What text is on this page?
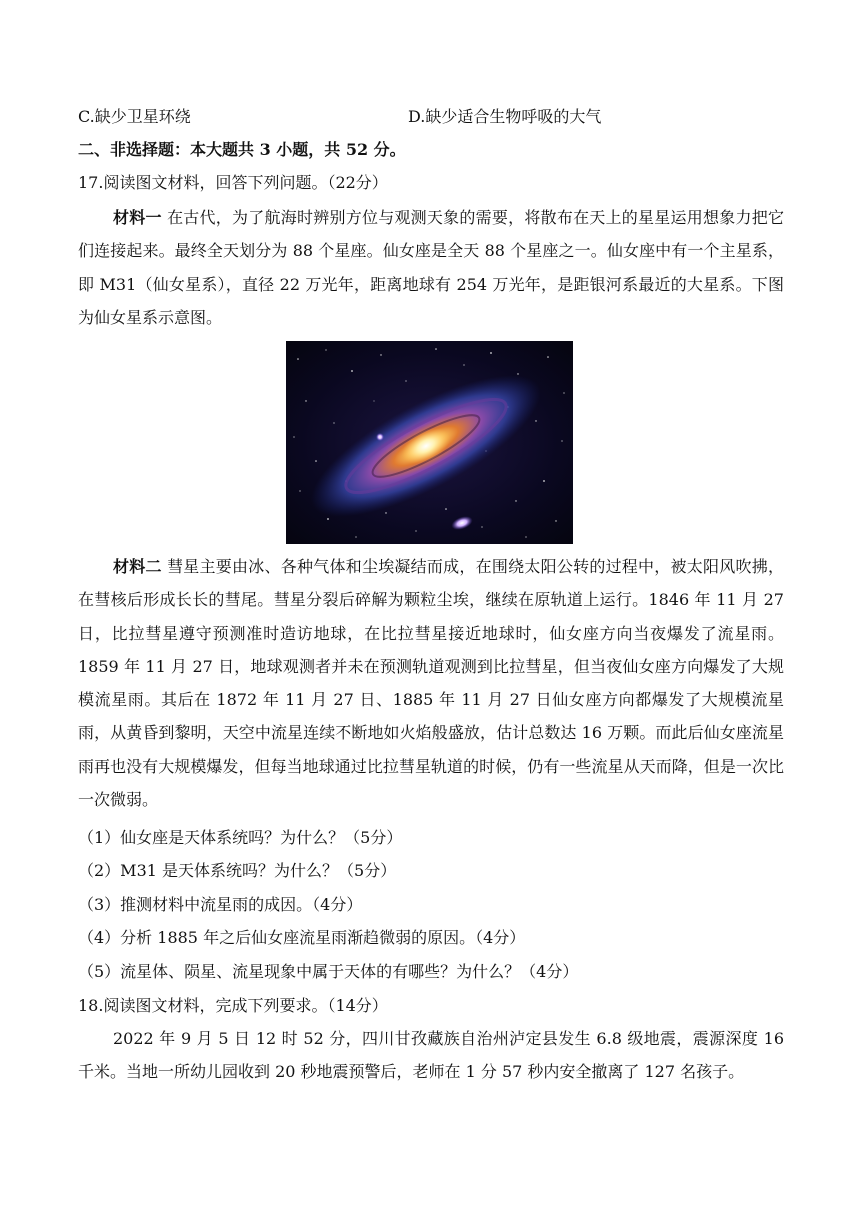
C.缺少卫星环绕	D.缺少适合生物呼吸的大气
二、非选择题：本大题共 3 小题，共 52 分。
17.阅读图文材料，回答下列问题。（22分）
材料一 在古代，为了航海时辨别方位与观测天象的需要，将散布在天上的星星运用想象力把它们连接起来。最终全天划分为 88 个星座。仙女座是全天 88 个星座之一。仙女座中有一个主星系，即 M31（仙女星系），直径 22 万光年，距离地球有 254 万光年，是距银河系最近的大星系。下图为仙女星系示意图。
材料二 彗星主要由冰、各种气体和尘埃凝结而成，在围绕太阳公转的过程中，被太阳风吹拂，在彗核后形成长长的彗尾。彗星分裂后碎解为颗粒尘埃，继续在原轨道上运行。1846 年 11 月 27 日，比拉彗星遵守预测准时造访地球，在比拉彗星接近地球时，仙女座方向当夜爆发了流星雨。1859 年 11 月 27 日，地球观测者并未在预测轨道观测到比拉彗星，但当夜仙女座方向爆发了大规模流星雨。其后在 1872 年 11 月 27 日、1885 年 11 月 27 日仙女座方向都爆发了大规模流星雨，从黄昏到黎明，天空中流星连续不断地如火焰般盛放，估计总数达 16 万颗。而此后仙女座流星雨再也没有大规模爆发，但每当地球通过比拉彗星轨道的时候，仍有一些流星从天而降，但是一次比一次微弱。
（1）仙女座是天体系统吗？为什么？（5分）
（2）M31 是天体系统吗？为什么？（5分）
（3）推测材料中流星雨的成因。（4分）
（4）分析 1885 年之后仙女座流星雨渐趋微弱的原因。（4分）
（5）流星体、陨星、流星现象中属于天体的有哪些？为什么？（4分）
18.阅读图文材料，完成下列要求。（14分）
2022 年 9 月 5 日 12 时 52 分，四川甘孜藏族自治州泸定县发生 6.8 级地震，震源深度 16 千米。当地一所幼儿园收到 20 秒地震预警后，老师在 1 分 57 秒内安全撤离了 127 名孩子。
